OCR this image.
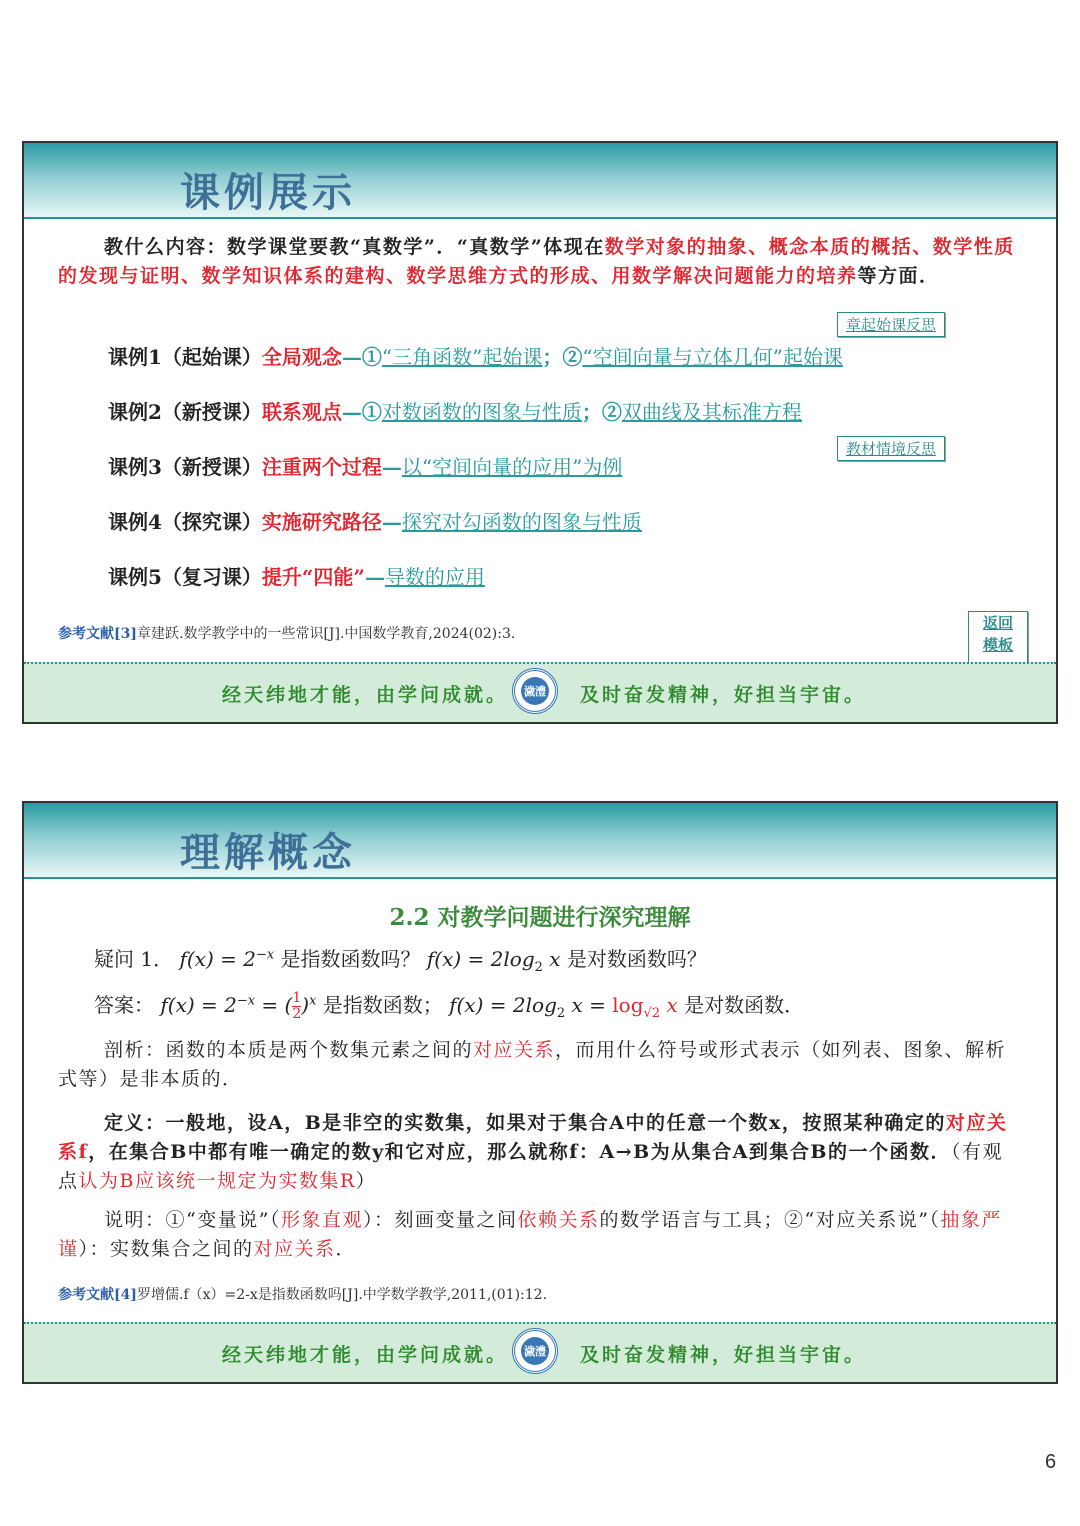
课例展示
教什么内容：数学课堂要教“真数学”．“真数学”体现在数学对象的抽象、概念本质的概括、数学性质的发现与证明、数学知识体系的建构、数学思维方式的形成、用数学解决问题能力的培养等方面．
章起始课反思
教材情境反思
课例1（起始课）全局观念—①“三角函数”起始课；②“空间向量与立体几何”起始课
课例2（新授课）联系观点—①对数函数的图象与性质；②双曲线及其标准方程
课例3（新授课）注重两个过程—以“空间向量的应用”为例
课例4（探究课）实施研究路径—探究对勾函数的图象与性质
课例5（复习课）提升“四能”—导数的应用
参考文献[3]章建跃.数学教学中的一些常识[J].中国数学教育,2024(02):3.
返回
模板
经天纬地才能，由学问成就。 濊澧 及时奋发精神，好担当宇宙。
理解概念
2.2 对教学问题进行深究理解
疑问 1． $f(x) = 2^{-x}$ 是指数函数吗？ $f(x) = 2\log_2$ x 是对数函数吗？
答案： $f(x) = 2^{-x}$ = ( $\frac{1}{2})^x$ 是指数函数； $f(x) = 2\log_2$ $x = \log_{√2} x$ 是对数函数．
剖析：函数的本质是两个数集元素之间的对应关系，而用什么符号或形式表示（如列表、图象、解析式等）是非本质的．
定义：一般地，设A，B是非空的实数集，如果对于集合A中的任意一个数x，按照某种确定的对应关系f，在集合B中都有唯一确定的数y和它对应，那么就称f：A→B为从集合A到集合B的一个函数．（有观点认为B应该统一规定为实数集R）
说明：①“变量说”（形象直观）：刻画变量之间依赖关系的数学语言与工具；②“对应关系说”（抽象严谨）：实数集合之间的对应关系．
参考文献[4]罗增儒.f（x）=2-x是指数函数吗[J].中学数学教学,2011,(01):12.
经天纬地才能，由学问成就。 濊澧 及时奋发精神，好担当宇宙。
6
